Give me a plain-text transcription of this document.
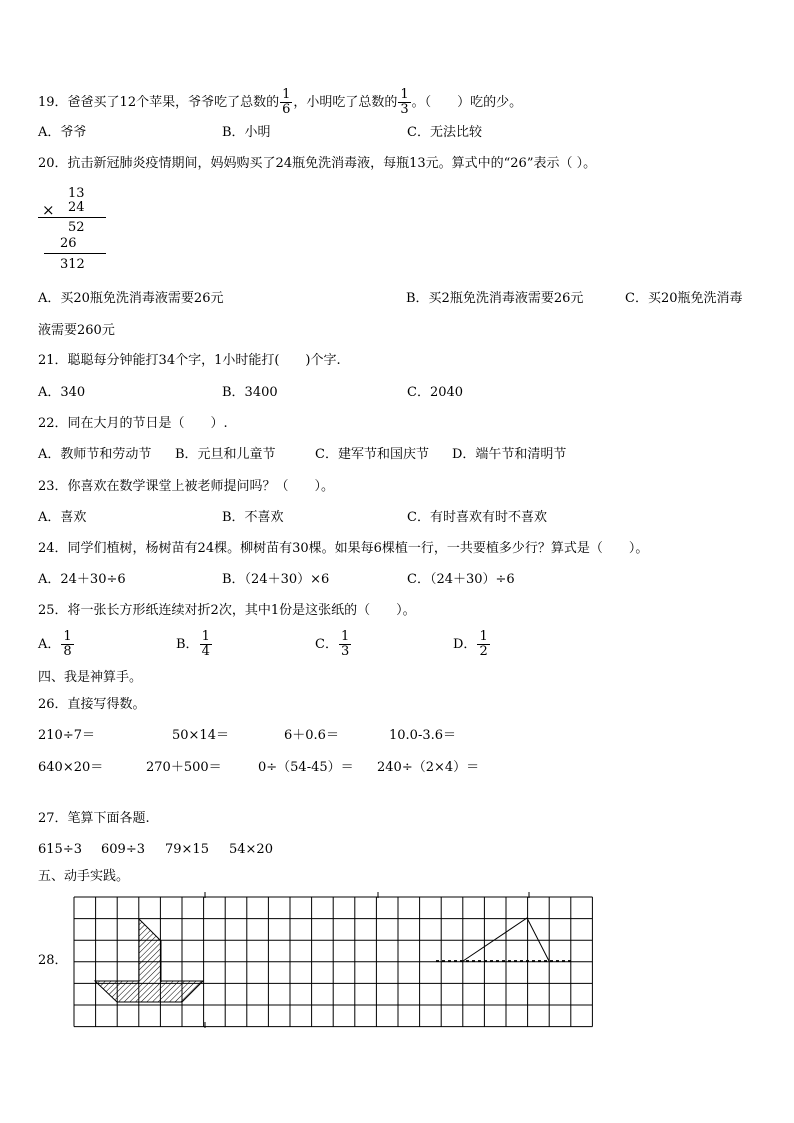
19．爸爸买了12个苹果，爷爷吃了总数的 $\frac{1}{6}$ ，小明吃了总数的 $\frac{1}{3}$ 。（　　）吃的少。
A．爷爷	B．小明	C．无法比较
20．抗击新冠肺炎疫情期间，妈妈购买了24瓶免洗消毒液，每瓶13元。算式中的“26”表示（ ）。
13
× 24
52
26
312
A．买20瓶免洗消毒液需要26元	B．买2瓶免洗消毒液需要26元	C．买20瓶免洗消毒
液需要260元
21．聪聪每分钟能打34个字，1小时能打(　　)个字.
A．340	B．3400	C．2040
22．同在大月的节日是（　　）.
A．教师节和劳动节 B．元旦和儿童节	C．建军节和国庆节 D．端午节和清明节
23．你喜欢在数学课堂上被老师提问吗？（　　）。
A．喜欢	B．不喜欢	C．有时喜欢有时不喜欢
24．同学们植树，杨树苗有24棵。柳树苗有30棵。如果每6棵植一行，一共要植多少行？算式是（　　）。
A．24＋30÷6	B．（24＋30）×6	C．（24＋30）÷6
25．将一张长方形纸连续对折2次，其中1份是这张纸的（　　）。
A． $\frac{1}{8}$	B． $\frac{1}{4}$	C． $\frac{1}{3}$	D． $\frac{1}{2}$
四、我是神算手。
26．直接写得数。
210÷7＝	50×14＝	6＋0.6＝	10.0-3.6＝
640×20＝	270＋500＝	0÷（54-45）＝ 240÷（2×4）＝
27．笔算下面各题.
615÷3 609÷3 79×15 54×20
五、动手实践。
28．
